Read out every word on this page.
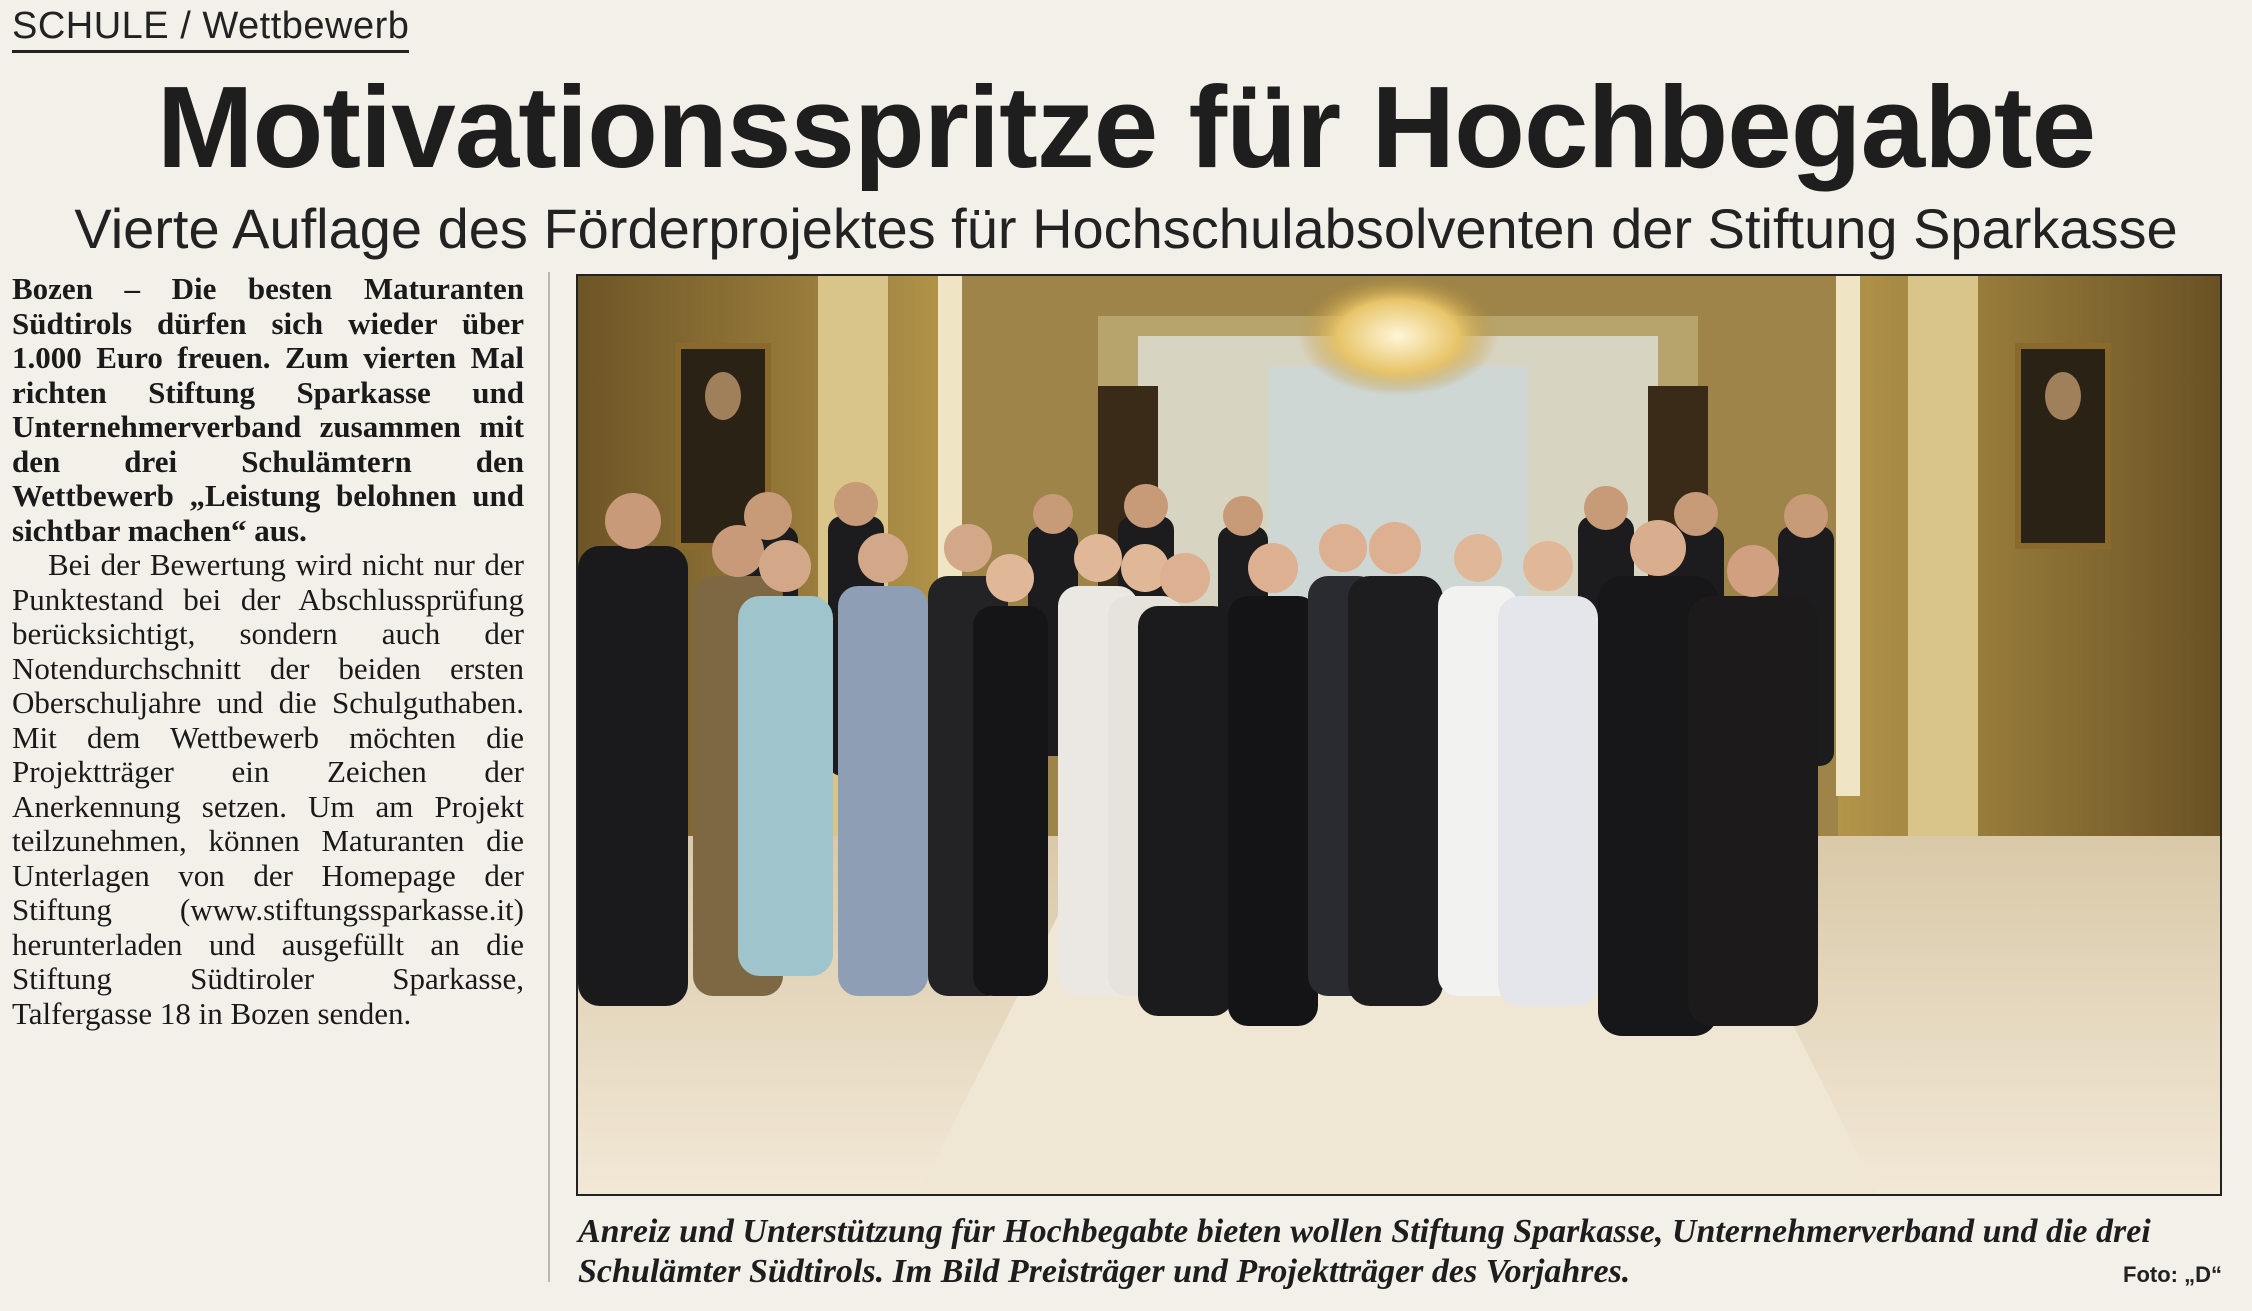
SCHULE / Wettbewerb
Motivationsspritze für Hochbegabte
Vierte Auflage des Förderprojektes für Hochschulabsolventen der Stiftung Sparkasse

Bozen – Die besten Maturanten Südtirols dürfen sich wieder über 1.000 Euro freuen. Zum vierten Mal richten Stiftung Sparkasse und Unternehmerverband zusammen mit den drei Schulämtern den Wettbewerb „Leistung belohnen und sichtbar machen“ aus.

Bei der Bewertung wird nicht nur der Punktestand bei der Abschlussprüfung berücksichtigt, sondern auch der Notendurchschnitt der beiden ersten Oberschuljahre und die Schulguthaben. Mit dem Wettbewerb möchten die Projektträger ein Zeichen der Anerkennung setzen. Um am Projekt teilzunehmen, können Maturanten die Unterlagen von der Homepage der Stiftung (www.stiftungssparkasse.it) herunterladen und ausgefüllt an die Stiftung Südtiroler Sparkasse, Talfergasse 18 in Bozen senden.

Anreiz und Unterstützung für Hochbegabte bieten wollen Stiftung Sparkasse, Unternehmerverband und die drei Schulämter Südtirols. Im Bild Preisträger und Projektträger des Vorjahres.	Foto: „D“
